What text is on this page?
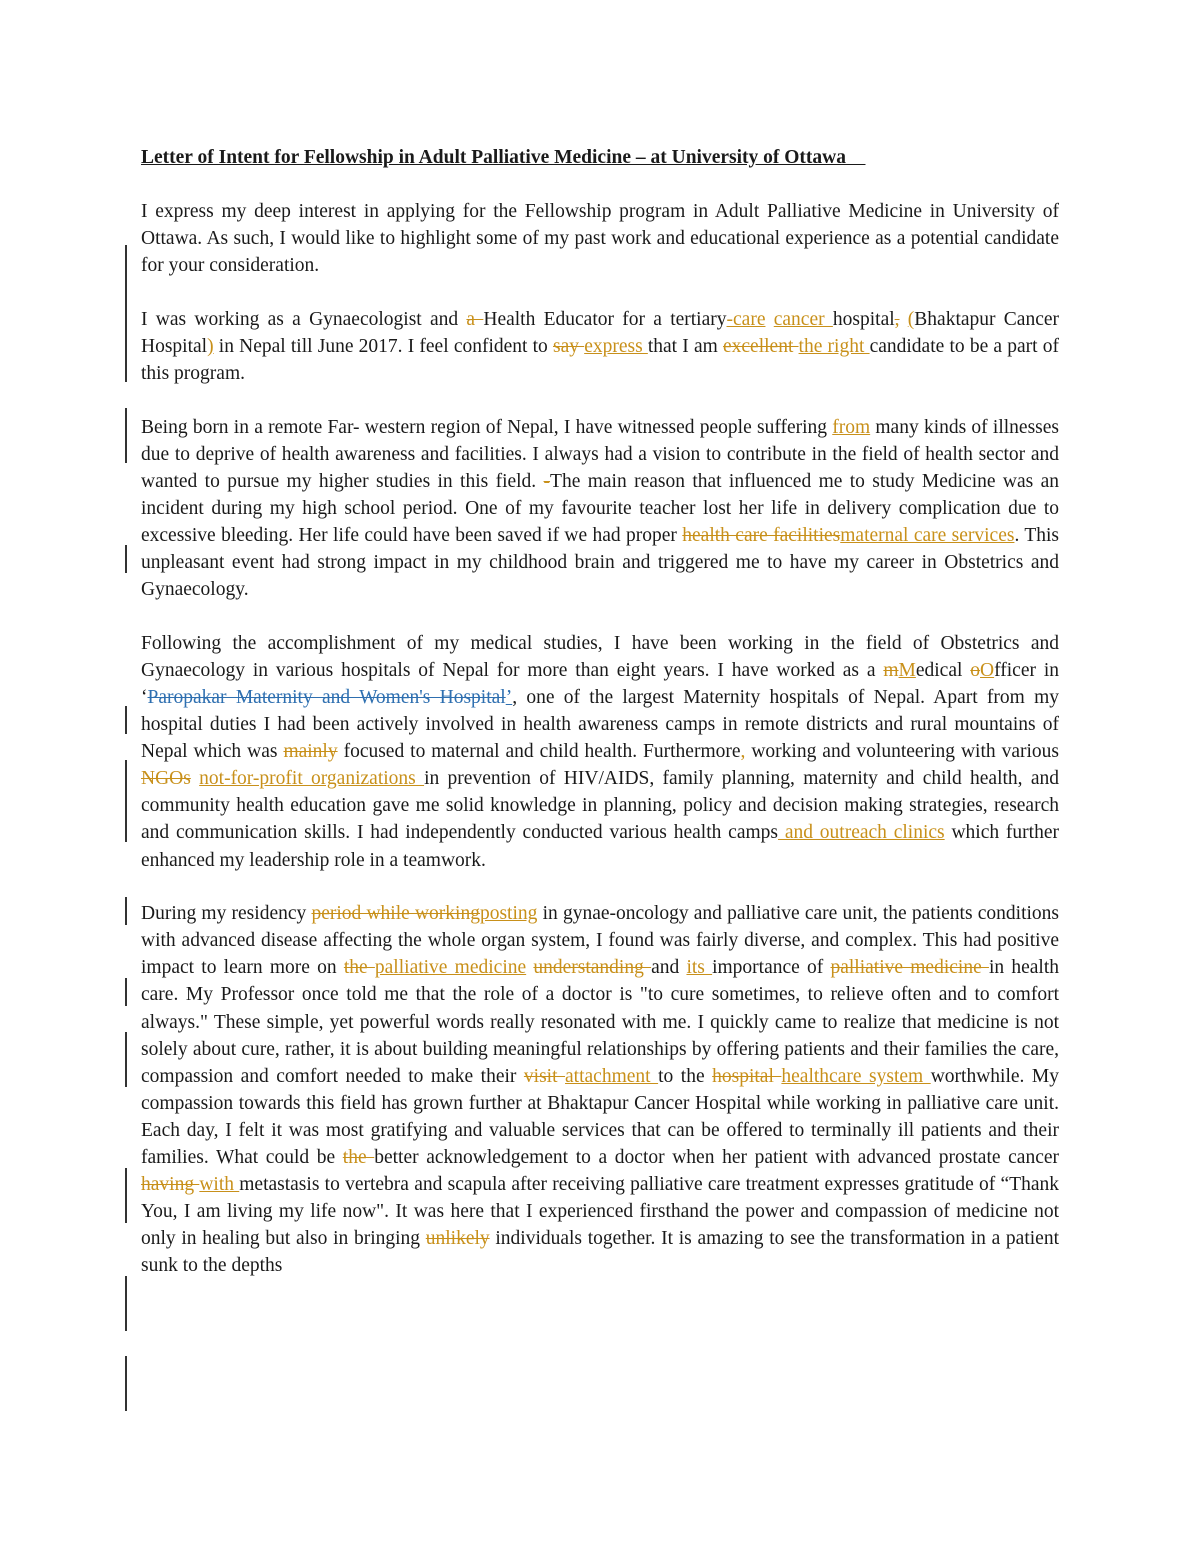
Letter of Intent for Fellowship in Adult Palliative Medicine – at University of Ottawa

I express my deep interest in applying for the Fellowship program in Adult Palliative Medicine in University of Ottawa. As such, I would like to highlight some of my past work and educational experience as a potential candidate for your consideration.

I was working as a Gynaecologist and a Health Educator for a tertiary-care cancer hospital, (Bhaktapur Cancer Hospital) in Nepal till June 2017. I feel confident to say express that I am excellent the right candidate to be a part of this program.

Being born in a remote Far- western region of Nepal, I have witnessed people suffering from many kinds of illnesses due to deprive of health awareness and facilities. I always had a vision to contribute in the field of health sector and wanted to pursue my higher studies in this field. -The main reason that influenced me to study Medicine was an incident during my high school period. One of my favourite teacher lost her life in delivery complication due to excessive bleeding. Her life could have been saved if we had proper health care facilitiesmaternal care services. This unpleasant event had strong impact in my childhood brain and triggered me to have my career in Obstetrics and Gynaecology.

Following the accomplishment of my medical studies, I have been working in the field of Obstetrics and Gynaecology in various hospitals of Nepal for more than eight years. I have worked as a mMedical oOfficer in ‘Paropakar Maternity and Women's Hospital’, one of the largest Maternity hospitals of Nepal. Apart from my hospital duties I had been actively involved in health awareness camps in remote districts and rural mountains of Nepal which was mainly focused to maternal and child health. Furthermore, working and volunteering with various NGOs not-for-profit organizations in prevention of HIV/AIDS, family planning, maternity and child health, and community health education gave me solid knowledge in planning, policy and decision making strategies, research and communication skills. I had independently conducted various health camps and outreach clinics which further enhanced my leadership role in a teamwork.

During my residency period while workingposting in gynae-oncology and palliative care unit, the patients conditions with advanced disease affecting the whole organ system, I found was fairly diverse, and complex. This had positive impact to learn more on the palliative medicine understanding and its importance of palliative medicine in health care. My Professor once told me that the role of a doctor is "to cure sometimes, to relieve often and to comfort always." These simple, yet powerful words really resonated with me. I quickly came to realize that medicine is not solely about cure, rather, it is about building meaningful relationships by offering patients and their families the care, compassion and comfort needed to make their visit attachment to the hospital healthcare system worthwhile. My compassion towards this field has grown further at Bhaktapur Cancer Hospital while working in palliative care unit. Each day, I felt it was most gratifying and valuable services that can be offered to terminally ill patients and their families. What could be the better acknowledgement to a doctor when her patient with advanced prostate cancer having with metastasis to vertebra and scapula after receiving palliative care treatment expresses gratitude of “Thank You, I am living my life now". It was here that I experienced firsthand the power and compassion of medicine not only in healing but also in bringing unlikely individuals together. It is amazing to see the transformation in a patient sunk to the depths
